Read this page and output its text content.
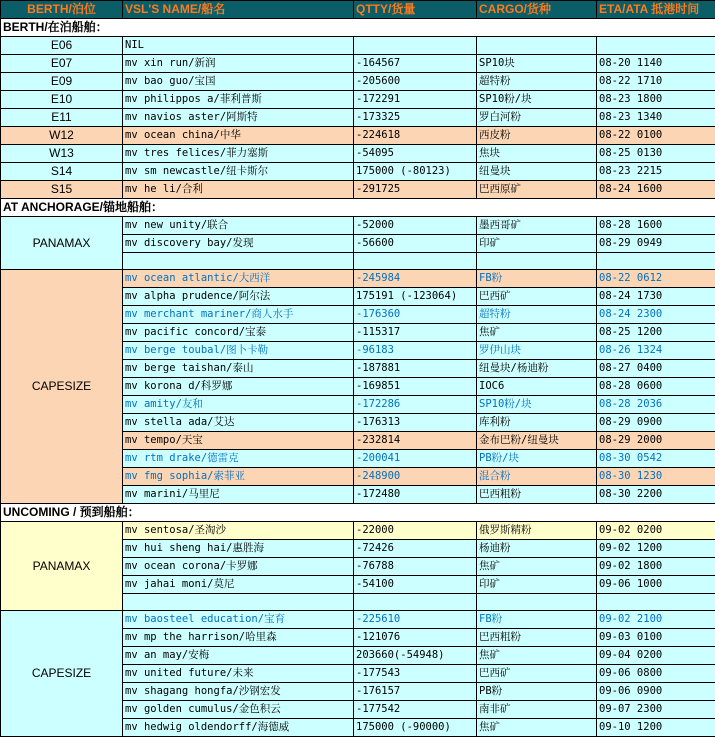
BERTH/泊位	VSL'S NAME/船名	QTTY/货量	CARGO/货种	ETA/ATA 抵港时间
BERTH/在泊船舶：				
E06	NIL			
E07	mv xin run/新润	-164567	SP10块	08-20 1140
E09	mv bao guo/宝国	-205600	超特粉	08-22 1710
E10	mv philippos a/菲利普斯	-172291	SP10粉/块	08-23 1800
E11	mv navios aster/阿斯特	-173325	罗白河粉	08-23 1340
W12	mv ocean china/中华	-224618	西皮粉	08-22 0100
W13	mv tres felices/菲力塞斯	-54095	焦块	08-25 0130
S14	mv sm newcastle/纽卡斯尔	175000 (-80123)	纽曼块	08-23 2215
S15	mv he li/合利	-291725	巴西原矿	08-24 1600
AT ANCHORAGE/锚地船舶：				
PANAMAX	mv new unity/联合	-52000	墨西哥矿	08-28 1600
	mv discovery bay/发现	-56600	印矿	08-29 0949

CAPESIZE	mv ocean atlantic/大西洋	-245984	FB粉	08-22 0612
	mv alpha prudence/阿尔法	175191 (-123064)	巴西矿	08-24 1730
	mv merchant mariner/商人水手	-176360	超特粉	08-24 2300
	mv pacific concord/宝泰	-115317	焦矿	08-25 1200
	mv berge toubal/图卜卡勒	-96183	罗伊山块	08-26 1324
	mv berge taishan/泰山	-187881	纽曼块/杨迪粉	08-27 0400
	mv korona d/科罗娜	-169851	IOC6	08-28 0600
	mv amity/友和	-172286	SP10粉/块	08-28 2036
	mv stella ada/艾达	-176313	库利粉	08-29 0900
	mv tempo/天宝	-232814	金布巴粉/纽曼块	08-29 2000
	mv rtm drake/德雷克	-200041	PB粉/块	08-30 0542
	mv fmg sophia/索菲亚	-248900	混合粉	08-30 1230
	mv marini/马里尼	-172480	巴西粗粉	08-30 2200
UNCOMING / 预到船舶：				
PANAMAX	mv sentosa/圣淘沙	-22000	俄罗斯精粉	09-02 0200
	mv hui sheng hai/惠胜海	-72426	杨迪粉	09-02 1200
	mv ocean corona/卡罗娜	-76788	焦矿	09-02 1800
	mv jahai moni/莫尼	-54100	印矿	09-06 1000

CAPESIZE	mv baosteel education/宝育	-225610	FB粉	09-02 2100
	mv mp the harrison/哈里森	-121076	巴西粗粉	09-03 0100
	mv an may/安梅	203660(-54948)	焦矿	09-04 0200
	mv united future/未来	-177543	巴西矿	09-06 0800
	mv shagang hongfa/沙钢宏发	-176157	PB粉	09-06 0900
	mv golden cumulus/金色积云	-177542	南非矿	09-07 2300
	mv hedwig oldendorff/海德威	175000 (-90000)	焦矿	09-10 1200
